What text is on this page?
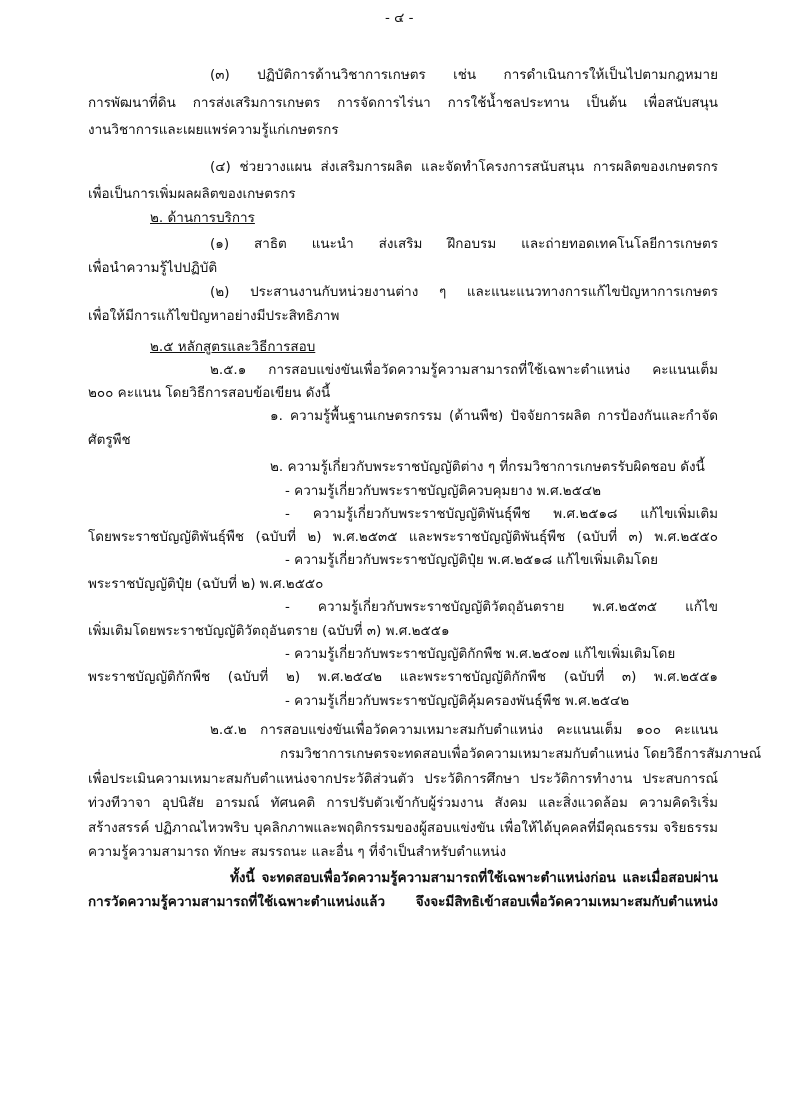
- ๔ -
(๓) ปฏิบัติการด้านวิชาการเกษตร เช่น การดำเนินการให้เป็นไปตามกฎหมาย
การพัฒนาที่ดิน การส่งเสริมการเกษตร การจัดการไร่นา การใช้น้ำชลประทาน เป็นต้น เพื่อสนับสนุน
งานวิชาการและเผยแพร่ความรู้แก่เกษตรกร
(๔) ช่วยวางแผน ส่งเสริมการผลิต และจัดทำโครงการสนับสนุน การผลิตของเกษตรกร
เพื่อเป็นการเพิ่มผลผลิตของเกษตรกร
๒. ด้านการบริการ
(๑) สาธิต แนะนำ ส่งเสริม ฝึกอบรม และถ่ายทอดเทคโนโลยีการเกษตร
เพื่อนำความรู้ไปปฏิบัติ
(๒) ประสานงานกับหน่วยงานต่าง ๆ และแนะแนวทางการแก้ไขปัญหาการเกษตร
เพื่อให้มีการแก้ไขปัญหาอย่างมีประสิทธิภาพ
๒.๕ หลักสูตรและวิธีการสอบ
๒.๕.๑ การสอบแข่งขันเพื่อวัดความรู้ความสามารถที่ใช้เฉพาะตำแหน่ง คะแนนเต็ม
๒๐๐ คะแนน โดยวิธีการสอบข้อเขียน ดังนี้
๑. ความรู้พื้นฐานเกษตรกรรม (ด้านพืช) ปัจจัยการผลิต การป้องกันและกำจัด
ศัตรูพืช
๒. ความรู้เกี่ยวกับพระราชบัญญัติต่าง ๆ ที่กรมวิชาการเกษตรรับผิดชอบ ดังนี้
- ความรู้เกี่ยวกับพระราชบัญญัติควบคุมยาง พ.ศ.๒๕๔๒
- ความรู้เกี่ยวกับพระราชบัญญัติพันธุ์พืช พ.ศ.๒๕๑๘ แก้ไขเพิ่มเติม
โดยพระราชบัญญัติพันธุ์พืช (ฉบับที่ ๒) พ.ศ.๒๕๓๕ และพระราชบัญญัติพันธุ์พืช (ฉบับที่ ๓) พ.ศ.๒๕๕๐
- ความรู้เกี่ยวกับพระราชบัญญัติปุ๋ย พ.ศ.๒๕๑๘ แก้ไขเพิ่มเติมโดย
พระราชบัญญัติปุ๋ย (ฉบับที่ ๒) พ.ศ.๒๕๕๐
- ความรู้เกี่ยวกับพระราชบัญญัติวัตถุอันตราย พ.ศ.๒๕๓๕ แก้ไข
เพิ่มเติมโดยพระราชบัญญัติวัตถุอันตราย (ฉบับที่ ๓) พ.ศ.๒๕๕๑
- ความรู้เกี่ยวกับพระราชบัญญัติกักพืช พ.ศ.๒๕๐๗ แก้ไขเพิ่มเติมโดย
พระราชบัญญัติกักพืช (ฉบับที่ ๒) พ.ศ.๒๕๔๒ และพระราชบัญญัติกักพืช (ฉบับที่ ๓) พ.ศ.๒๕๕๑
- ความรู้เกี่ยวกับพระราชบัญญัติคุ้มครองพันธุ์พืช พ.ศ.๒๕๔๒
๒.๕.๒ การสอบแข่งขันเพื่อวัดความเหมาะสมกับตำแหน่ง คะแนนเต็ม ๑๐๐ คะแนน
กรมวิชาการเกษตรจะทดสอบเพื่อวัดความเหมาะสมกับตำแหน่ง โดยวิธีการสัมภาษณ์
เพื่อประเมินความเหมาะสมกับตำแหน่งจากประวัติส่วนตัว ประวัติการศึกษา ประวัติการทำงาน ประสบการณ์
ท่วงทีวาจา อุปนิสัย อารมณ์ ทัศนคติ การปรับตัวเข้ากับผู้ร่วมงาน สังคม และสิ่งแวดล้อม ความคิดริเริ่ม
สร้างสรรค์ ปฏิภาณไหวพริบ บุคลิกภาพและพฤติกรรมของผู้สอบแข่งขัน เพื่อให้ได้บุคคลที่มีคุณธรรม จริยธรรม
ความรู้ความสามารถ ทักษะ สมรรถนะ และอื่น ๆ ที่จำเป็นสำหรับตำแหน่ง
ทั้งนี้ จะทดสอบเพื่อวัดความรู้ความสามารถที่ใช้เฉพาะตำแหน่งก่อน และเมื่อสอบผ่าน
การวัดความรู้ความสามารถที่ใช้เฉพาะตำแหน่งแล้ว จึงจะมีสิทธิเข้าสอบเพื่อวัดความเหมาะสมกับตำแหน่ง
